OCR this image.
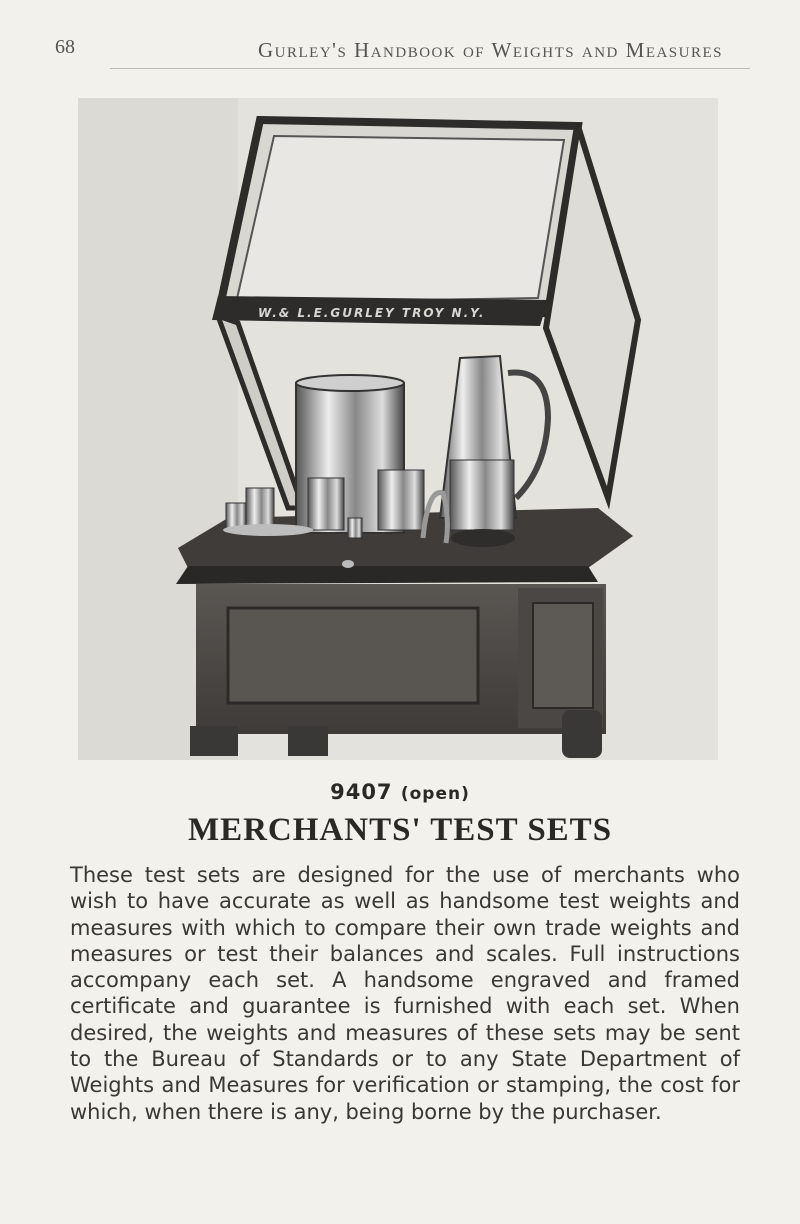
68	Gurley's Handbook of Weights and Measures
W.& L.E.GURLEY TROY N.Y.
9407 (open)
MERCHANTS' TEST SETS
These test sets are designed for the use of merchants who wish to have accurate as well as handsome test weights and measures with which to compare their own trade weights and measures or test their balances and scales. Full instructions accompany each set. A handsome engraved and framed certificate and guarantee is furnished with each set. When desired, the weights and measures of these sets may be sent to the Bureau of Standards or to any State Department of Weights and Measures for verification or stamping, the cost for which, when there is any, being borne by the purchaser.
